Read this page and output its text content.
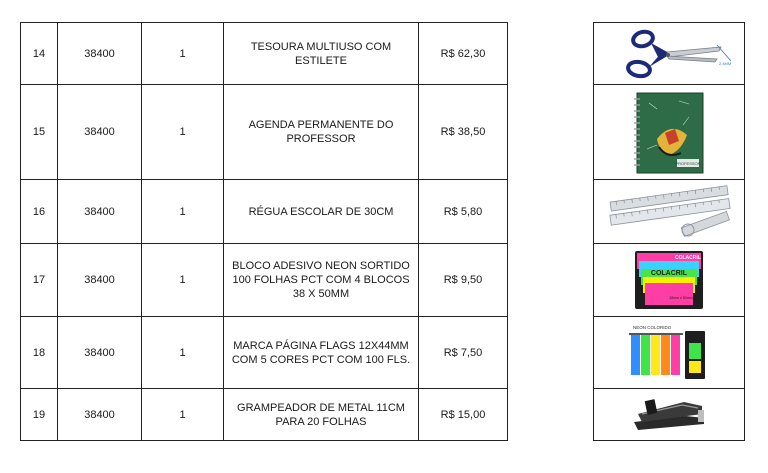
14	38400	1	TESOURA MULTIUSO COM ESTILETE	R$ 62,30
15	38400	1	AGENDA PERMANENTE DO PROFESSOR	R$ 38,50
16	38400	1	RÉGUA ESCOLAR DE 30CM	R$ 5,80
17	38400	1	BLOCO ADESIVO NEON SORTIDO 100 FOLHAS PCT COM 4 BLOCOS 38 X 50MM	R$ 9,50
18	38400	1	MARCA PÁGINA FLAGS 12X44MM COM 5 CORES PCT COM 100 FLS.	R$ 7,50
19	38400	1	GRAMPEADOR DE METAL 11CM PARA 20 FOLHAS	R$ 15,00
2,4MM

PROFESSOR

COLACRIL
COLACRIL
38mm x 50mm

NEON COLORIDO
